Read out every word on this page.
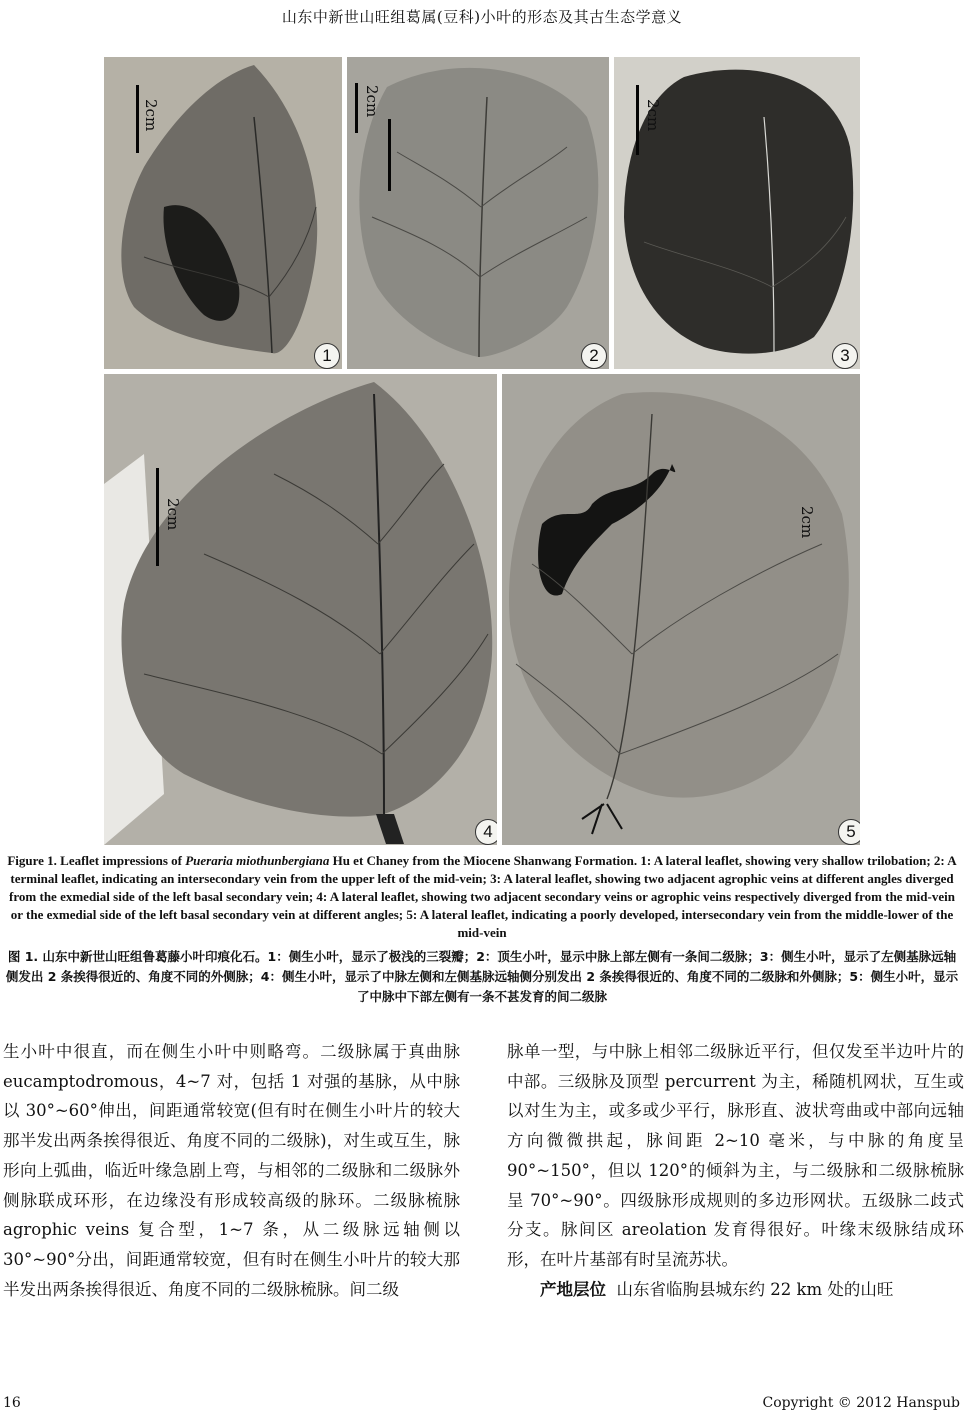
山东中新世山旺组葛属(豆科)小叶的形态及其古生态学意义
2cm
1
2cm
2
2cm
3
2cm
4
2cm
5
Figure 1. Leaflet impressions of Pueraria miothunbergiana Hu et Chaney from the Miocene Shanwang Formation. 1: A lateral leaflet, showing very shallow trilobation; 2: A terminal leaflet, indicating an intersecondary vein from the upper left of the mid-vein; 3: A lateral leaflet, showing two adjacent agrophic veins at different angles diverged from the exmedial side of the left basal secondary vein; 4: A lateral leaflet, showing two adjacent secondary veins or agrophic veins respectively diverged from the mid-vein or the exmedial side of the left basal secondary vein at different angles; 5: A lateral leaflet, indicating a poorly developed, intersecondary vein from the middle-lower of the mid-vein
图 1. 山东中新世山旺组鲁葛藤小叶印痕化石。1：侧生小叶，显示了极浅的三裂瓣；2：顶生小叶，显示中脉上部左侧有一条间二级脉；3：侧生小叶，显示了左侧基脉远轴侧发出 2 条挨得很近的、角度不同的外侧脉；4：侧生小叶，显示了中脉左侧和左侧基脉远轴侧分别发出 2 条挨得很近的、角度不同的二级脉和外侧脉；5：侧生小叶，显示了中脉中下部左侧有一条不甚发育的间二级脉

生小叶中很直，而在侧生小叶中则略弯。二级脉属于真曲脉 eucamptodromous，4~7 对，包括 1 对强的基脉，从中脉以 30°~60°伸出，间距通常较宽(但有时在侧生小叶片的较大那半发出两条挨得很近、角度不同的二级脉)，对生或互生，脉形向上弧曲，临近叶缘急剧上弯，与相邻的二级脉和二级脉外侧脉联成环形，在边缘没有形成较高级的脉环。二级脉梳脉 agrophic veins 复合型，1~7 条，从二级脉远轴侧以 30°~90°分出，间距通常较宽，但有时在侧生小叶片的较大那半发出两条挨得很近、角度不同的二级脉梳脉。间二级

脉单一型，与中脉上相邻二级脉近平行，但仅发至半边叶片的中部。三级脉及顶型 percurrent 为主，稀随机网状，互生或以对生为主，或多或少平行，脉形直、波状弯曲或中部向远轴方向微微拱起，脉间距 2~10 毫米，与中脉的角度呈 90°~150°，但以 120°的倾斜为主，与二级脉和二级脉梳脉呈 70°~90°。四级脉形成规则的多边形网状。五级脉二歧式分支。脉间区 areolation 发育得很好。叶缘末级脉结成环形，在叶片基部有时呈流苏状。

产地层位 山东省临朐县城东约 22 km 处的山旺

16	Copyright © 2012 Hanspub
